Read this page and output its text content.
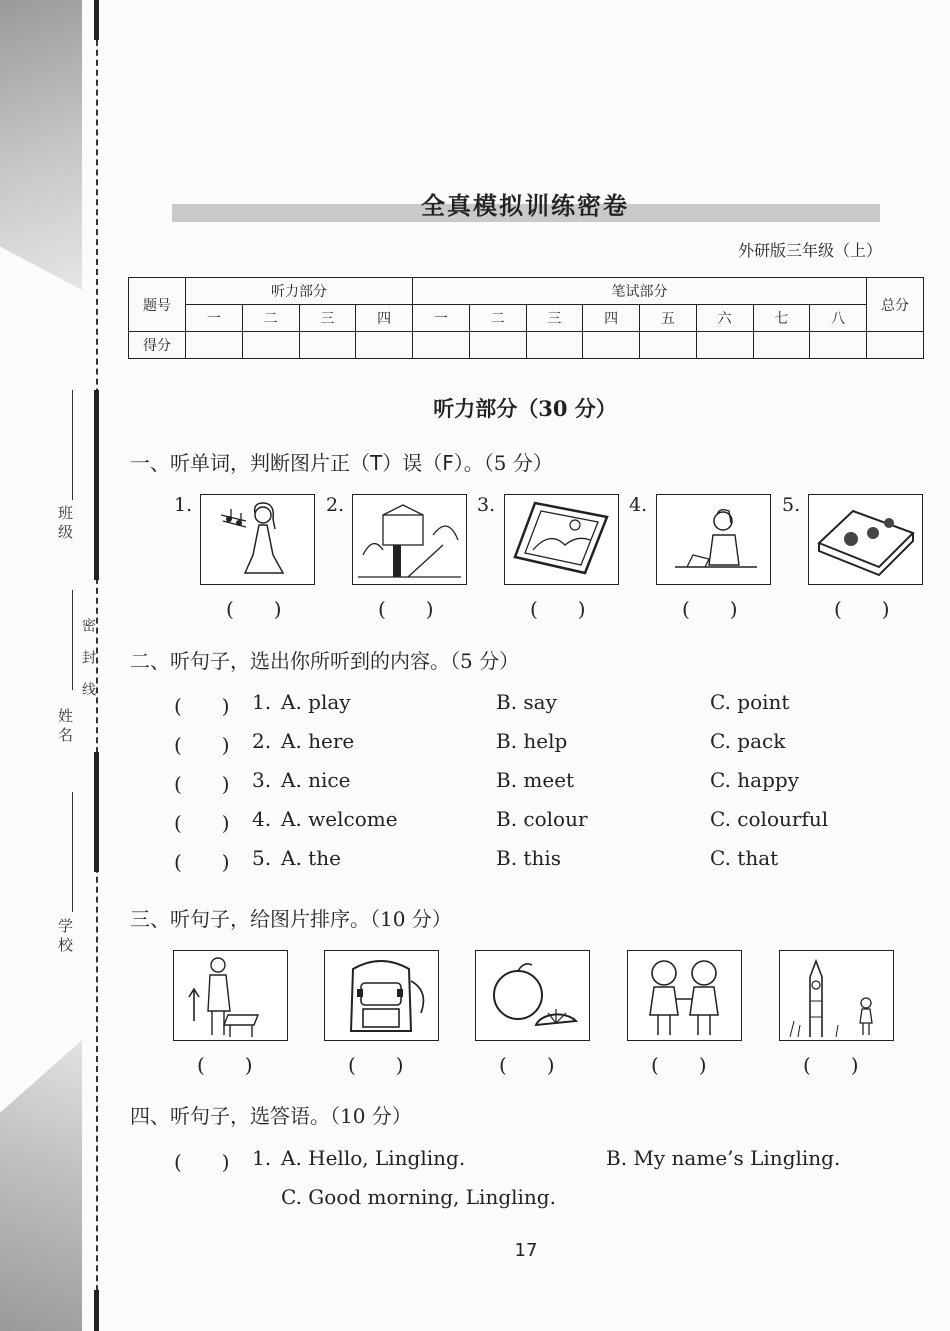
班级
姓名
密　封　线
学校
全真模拟训练密卷
外研版三年级（上）
题号	听力部分				笔试部分								总分
	一	二	三	四	一	二	三	四	五	六	七	八	
得分													
听力部分（30 分）
一、听单词，判断图片正（T）误（F）。（5 分）
1.	2.	3.	4.	5.
(　　)	(　　)	(　　)	(　　)	(　　)
二、听句子，选出你所听到的内容。（5 分）
(　　) 1. A. play	B. say	C. point
(　　) 2. A. here	B. help	C. pack
(　　) 3. A. nice	B. meet	C. happy
(　　) 4. A. welcome	B. colour	C. colourful
(　　) 5. A. the	B. this	C. that
三、听句子，给图片排序。（10 分）
(　　)	(　　)	(　　)	(　　)	(　　)
四、听句子，选答语。（10 分）
(　　) 1. A. Hello, Lingling.	B. My name’s Lingling.
C. Good morning, Lingling.
17
